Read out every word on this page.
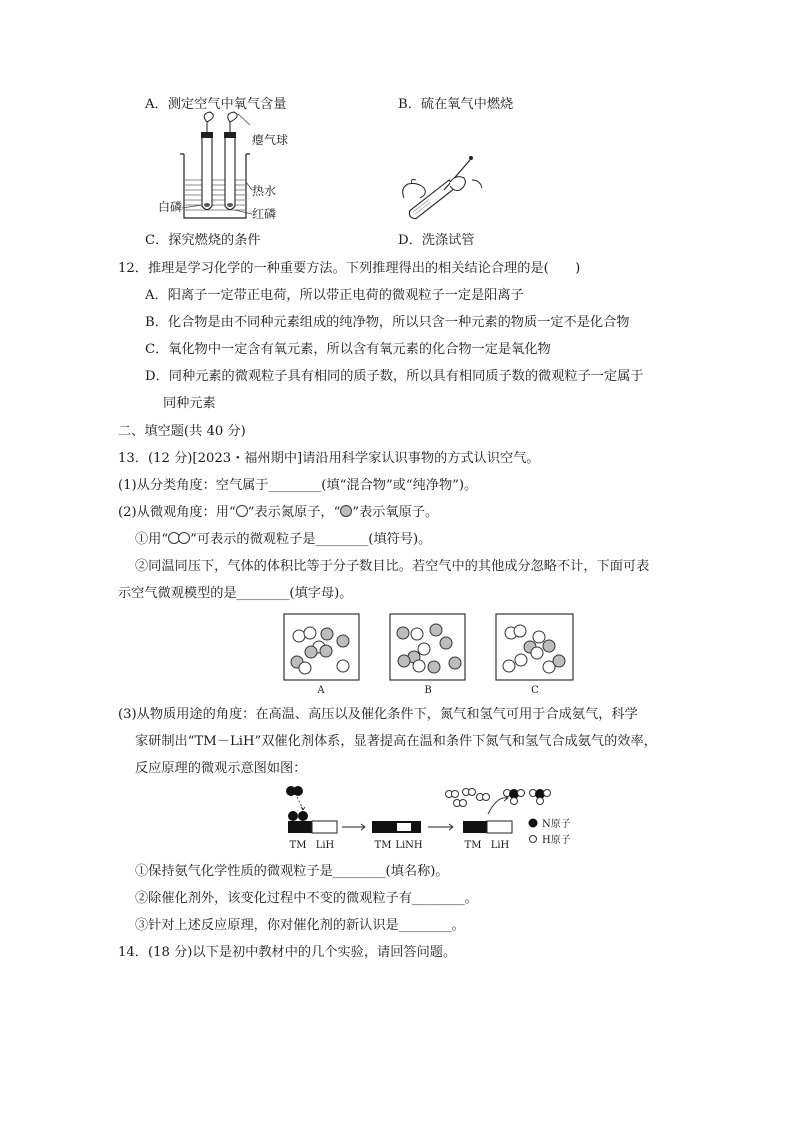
A．测定空气中氧气含量	B．硫在氧气中燃烧
瘪气球
热水
白磷	红磷
C．探究燃烧的条件	D．洗涤试管
12．推理是学习化学的一种重要方法。下列推理得出的相关结论合理的是(　　)
A．阳离子一定带正电荷，所以带正电荷的微观粒子一定是阳离子
B．化合物是由不同种元素组成的纯净物，所以只含一种元素的物质一定不是化合物
C．氧化物中一定含有氧元素，所以含有氧元素的化合物一定是氧化物
D．同种元素的微观粒子具有相同的质子数，所以具有相同质子数的微观粒子一定属于
同种元素
二、填空题(共 40 分)
13．(12 分)[2023・福州期中]请沿用科学家认识事物的方式认识空气。
(1)从分类角度：空气属于________(填“混合物”或“纯净物”)。
(2)从微观角度：用“ ”表示氮原子，“ ”表示氧原子。
①用“ ”可表示的微观粒子是________(填符号)。
②同温同压下，气体的体积比等于分子数目比。若空气中的其他成分忽略不计，下面可表
示空气微观模型的是________(填字母)。
A	B	C
(3)从物质用途的角度：在高温、高压以及催化条件下，氮气和氢气可用于合成氨气，科学
家研制出“TM－LiH”双催化剂体系，显著提高在温和条件下氮气和氢气合成氨气的效率，
反应原理的微观示意图如图：
TM LiH	TM LiNH	TM LiH
N原子
H原子
①保持氨气化学性质的微观粒子是________(填名称)。
②除催化剂外，该变化过程中不变的微观粒子有________。
③针对上述反应原理，你对催化剂的新认识是________。
14．(18 分)以下是初中教材中的几个实验，请回答问题。
